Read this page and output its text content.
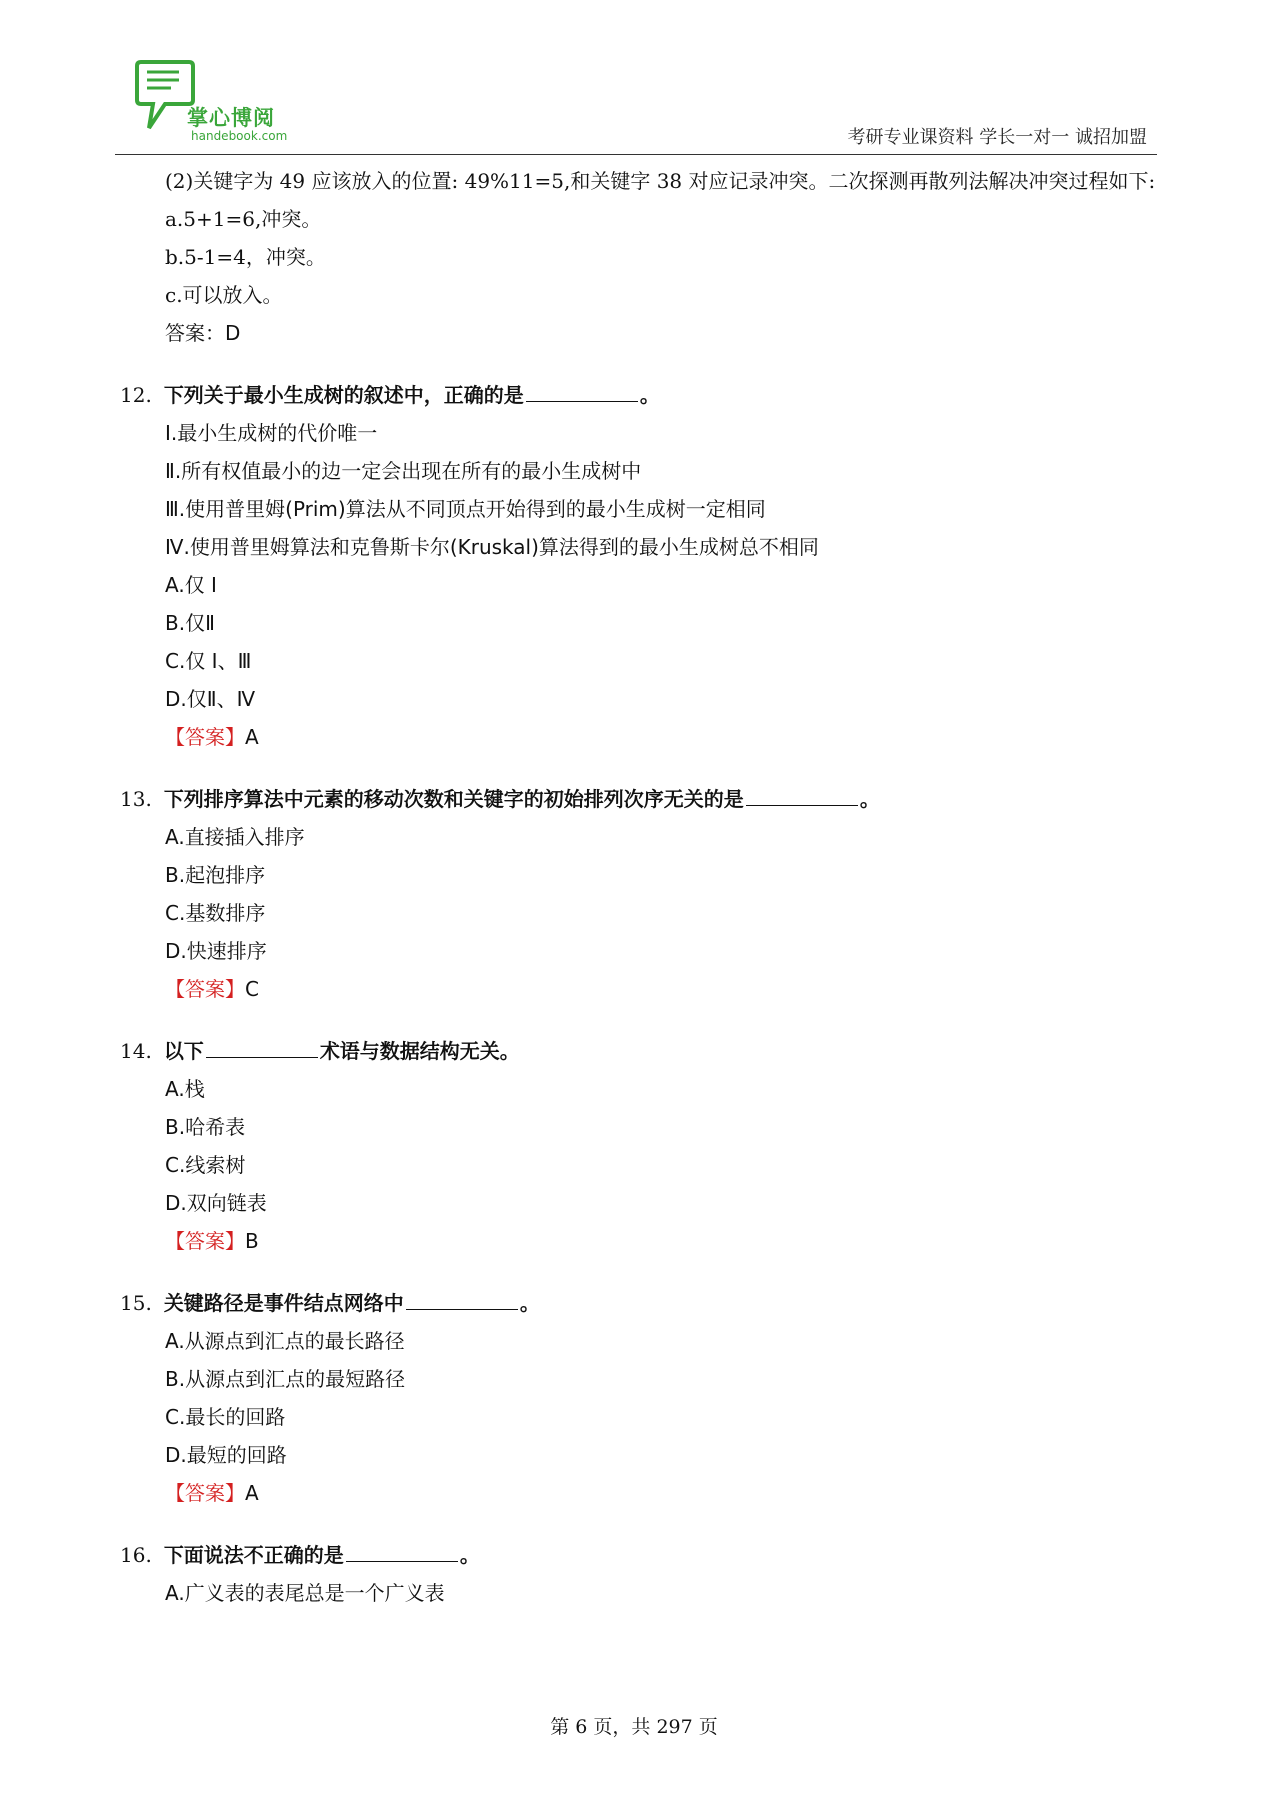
掌心博阅
handebook.com	考研专业课资料 学长一对一 诚招加盟
(2)关键字为 49 应该放入的位置: 49%11=5,和关键字 38 对应记录冲突。二次探测再散列法解决冲突过程如下:
a.5+1=6,冲突。
b.5-1=4，冲突。
c.可以放入。
答案：D
12. 下列关于最小生成树的叙述中，正确的是	。
I.最小生成树的代价唯一
Ⅱ.所有权值最小的边一定会出现在所有的最小生成树中
Ⅲ.使用普里姆(Prim)算法从不同顶点开始得到的最小生成树一定相同
Ⅳ.使用普里姆算法和克鲁斯卡尔(Kruskal)算法得到的最小生成树总不相同
A.仅 I
B.仅Ⅱ
C.仅 I、Ⅲ
D.仅Ⅱ、Ⅳ
【答案】A
13. 下列排序算法中元素的移动次数和关键字的初始排列次序无关的是	。
A.直接插入排序
B.起泡排序
C.基数排序
D.快速排序
【答案】C
14. 以下	术语与数据结构无关。
A.栈
B.哈希表
C.线索树
D.双向链表
【答案】B
15. 关键路径是事件结点网络中	。
A.从源点到汇点的最长路径
B.从源点到汇点的最短路径
C.最长的回路
D.最短的回路
【答案】A
16. 下面说法不正确的是	。
A.广义表的表尾总是一个广义表
第 6 页，共 297 页
